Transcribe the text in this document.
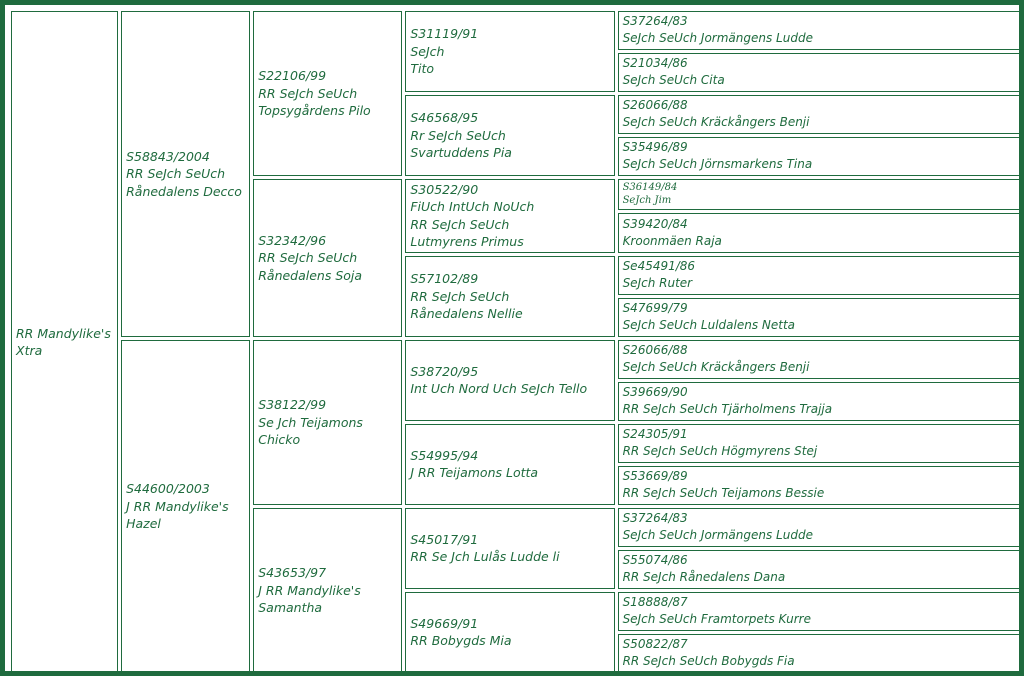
RR Mandylike's
Xtra	S58843/2004
RR SeJch SeUch
Rånedalens Decco	S22106/99
RR SeJch SeUch
Topsygårdens Pilo	S31119/91
SeJch
Tito	S37264/83
SeJch SeUch Jormängens Ludde

				S21034/86
SeJch SeUch Cita

			S46568/95
Rr SeJch SeUch
Svartuddens Pia	S26066/88
SeJch SeUch Kräckångers Benji

				S35496/89
SeJch SeUch Jörnsmarkens Tina

		S32342/96
RR SeJch SeUch
Rånedalens Soja	S30522/90
FiUch IntUch NoUch
RR SeJch SeUch
Lutmyrens Primus	S36149/84
SeJch Jim

				S39420/84
Kroonmäen Raja

			S57102/89
RR SeJch SeUch
Rånedalens Nellie	Se45491/86
SeJch Ruter

				S47699/79
SeJch SeUch Luldalens Netta

	S44600/2003
J RR Mandylike's
Hazel	S38122/99
Se Jch Teijamons
Chicko	S38720/95
Int Uch Nord Uch SeJch Tello	S26066/88
SeJch SeUch Kräckångers Benji

				S39669/90
RR SeJch SeUch Tjärholmens Trajja

			S54995/94
J RR Teijamons Lotta	S24305/91
RR SeJch SeUch Högmyrens Stej

				S53669/89
RR SeJch SeUch Teijamons Bessie

		S43653/97
J RR Mandylike's
Samantha	S45017/91
RR Se Jch Lulås Ludde li	S37264/83
SeJch SeUch Jormängens Ludde

				S55074/86
RR SeJch Rånedalens Dana

			S49669/91
RR Bobygds Mia	S18888/87
SeJch SeUch Framtorpets Kurre

				S50822/87
RR SeJch SeUch Bobygds Fia
